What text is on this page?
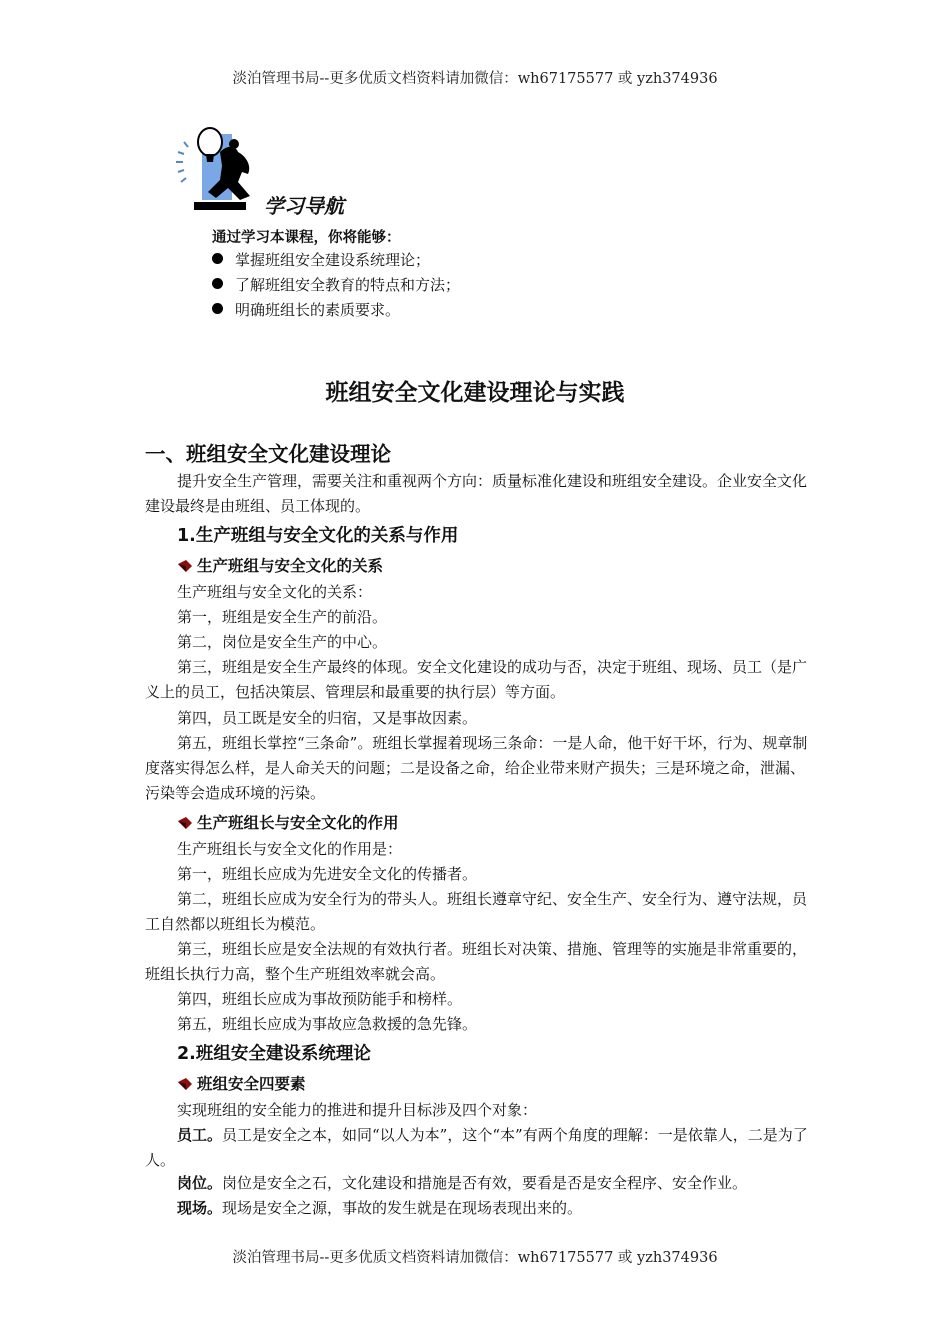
淡泊管理书局--更多优质文档资料请加微信：wh67175577 或 yzh374936
学习导航
通过学习本课程，你将能够：
掌握班组安全建设系统理论；
了解班组安全教育的特点和方法；
明确班组长的素质要求。
班组安全文化建设理论与实践
一、班组安全文化建设理论

提升安全生产管理，需要关注和重视两个方向：质量标准化建设和班组安全建设。企业安全文化建设最终是由班组、员工体现的。

1.生产班组与安全文化的关系与作用
生产班组与安全文化的关系

生产班组与安全文化的关系：

第一，班组是安全生产的前沿。

第二，岗位是安全生产的中心。

第三，班组是安全生产最终的体现。安全文化建设的成功与否，决定于班组、现场、员工（是广义上的员工，包括决策层、管理层和最重要的执行层）等方面。

第四，员工既是安全的归宿，又是事故因素。

第五，班组长掌控“三条命”。班组长掌握着现场三条命：一是人命，他干好干坏，行为、规章制度落实得怎么样，是人命关天的问题；二是设备之命，给企业带来财产损失；三是环境之命，泄漏、污染等会造成环境的污染。

生产班组长与安全文化的作用

生产班组长与安全文化的作用是：

第一，班组长应成为先进安全文化的传播者。

第二，班组长应成为安全行为的带头人。班组长遵章守纪、安全生产、安全行为、遵守法规，员工自然都以班组长为模范。

第三，班组长应是安全法规的有效执行者。班组长对决策、措施、管理等的实施是非常重要的，班组长执行力高，整个生产班组效率就会高。

第四，班组长应成为事故预防能手和榜样。

第五，班组长应成为事故应急救援的急先锋。

2.班组安全建设系统理论
班组安全四要素

实现班组的安全能力的推进和提升目标涉及四个对象：

员工。员工是安全之本，如同“以人为本”，这个“本”有两个角度的理解：一是依靠人，二是为了人。

岗位。岗位是安全之石，文化建设和措施是否有效，要看是否是安全程序、安全作业。

现场。现场是安全之源，事故的发生就是在现场表现出来的。

淡泊管理书局--更多优质文档资料请加微信：wh67175577 或 yzh374936
